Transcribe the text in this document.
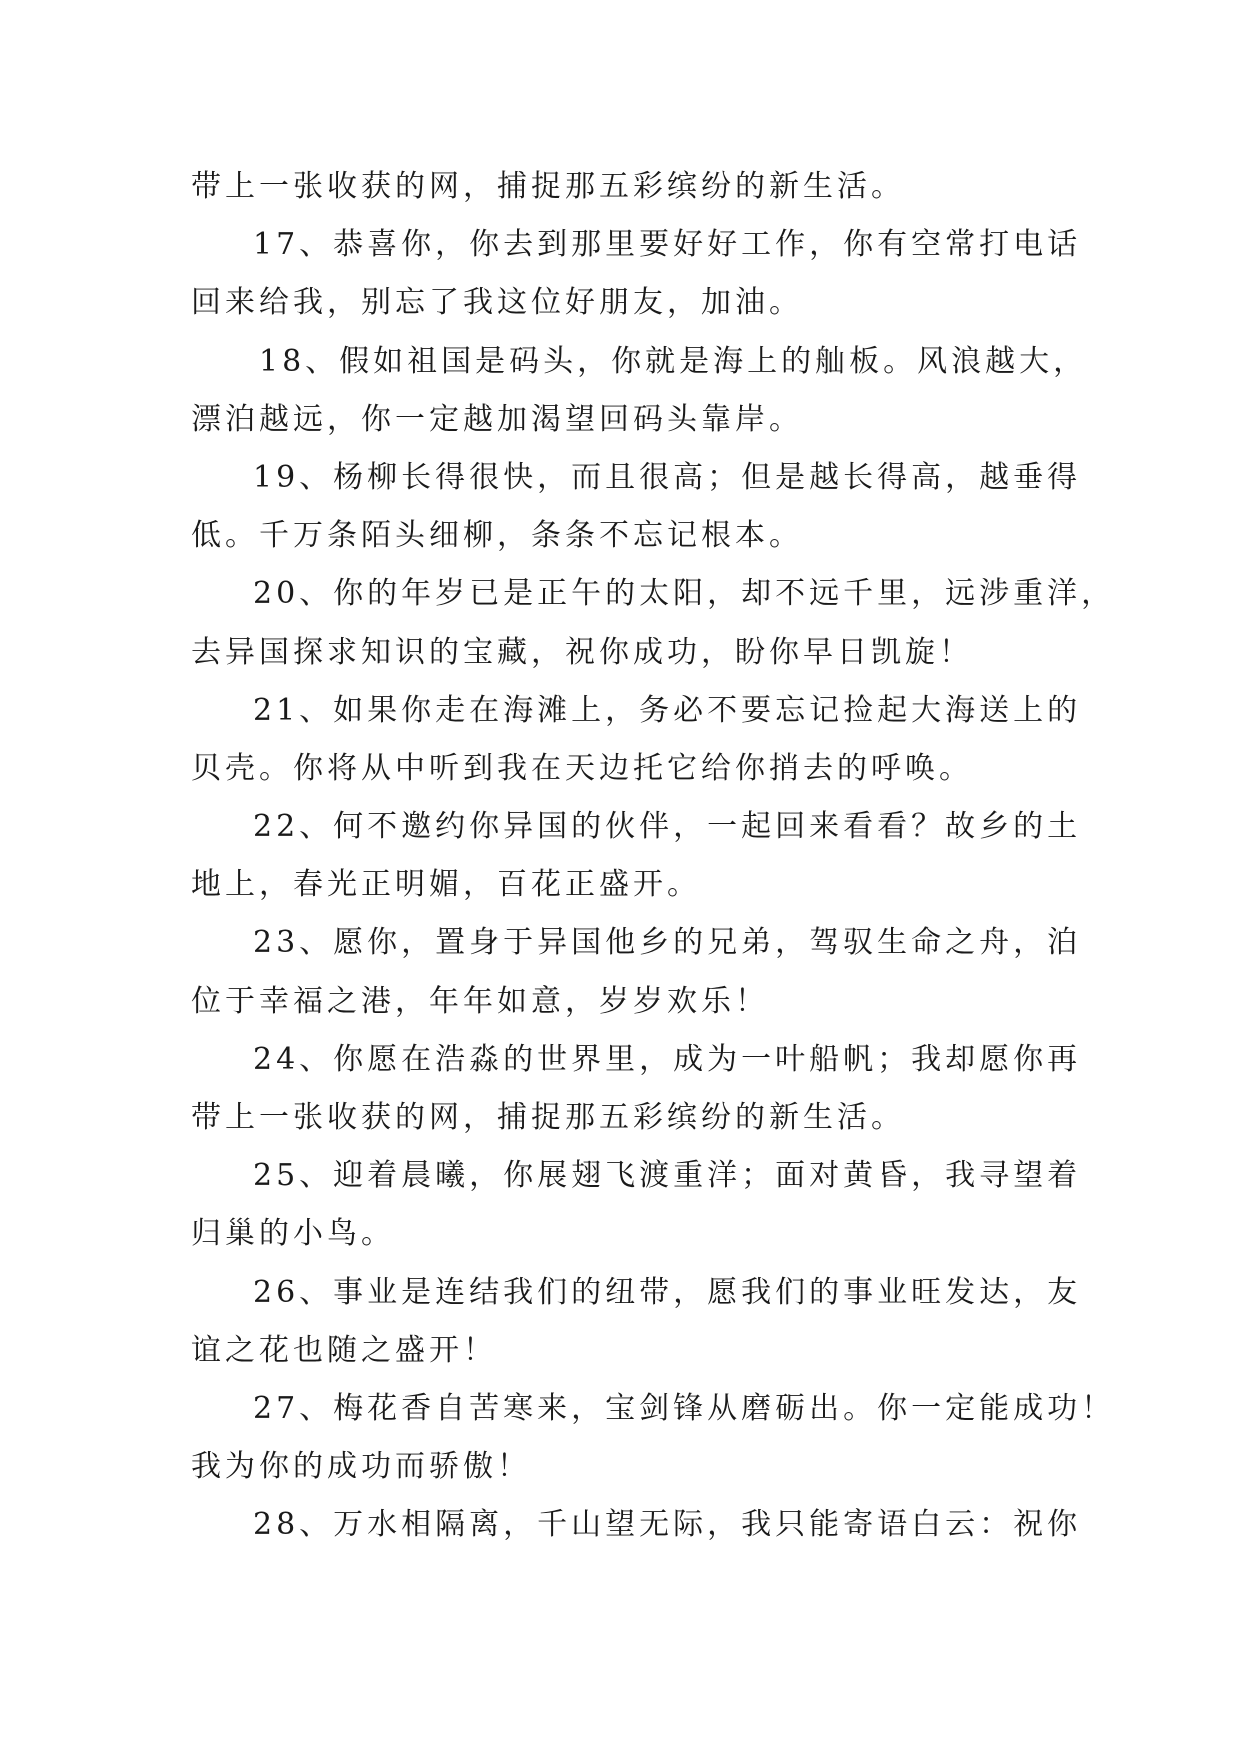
带上一张收获的网，捕捉那五彩缤纷的新生活。
17、恭喜你，你去到那里要好好工作，你有空常打电话
回来给我，别忘了我这位好朋友，加油。
18、假如祖国是码头，你就是海上的舢板。风浪越大，
漂泊越远，你一定越加渴望回码头靠岸。
19、杨柳长得很快，而且很高；但是越长得高，越垂得
低。千万条陌头细柳，条条不忘记根本。
20、你的年岁已是正午的太阳，却不远千里，远涉重洋，
去异国探求知识的宝藏，祝你成功，盼你早日凯旋！
21、如果你走在海滩上，务必不要忘记捡起大海送上的
贝壳。你将从中听到我在天边托它给你捎去的呼唤。
22、何不邀约你异国的伙伴，一起回来看看？故乡的土
地上，春光正明媚，百花正盛开。
23、愿你，置身于异国他乡的兄弟，驾驭生命之舟，泊
位于幸福之港，年年如意，岁岁欢乐！
24、你愿在浩淼的世界里，成为一叶船帆；我却愿你再
带上一张收获的网，捕捉那五彩缤纷的新生活。
25、迎着晨曦，你展翅飞渡重洋；面对黄昏，我寻望着
归巢的小鸟。
26、事业是连结我们的纽带，愿我们的事业旺发达，友
谊之花也随之盛开！
27、梅花香自苦寒来，宝剑锋从磨砺出。你一定能成功！
我为你的成功而骄傲！
28、万水相隔离，千山望无际，我只能寄语白云：祝你
